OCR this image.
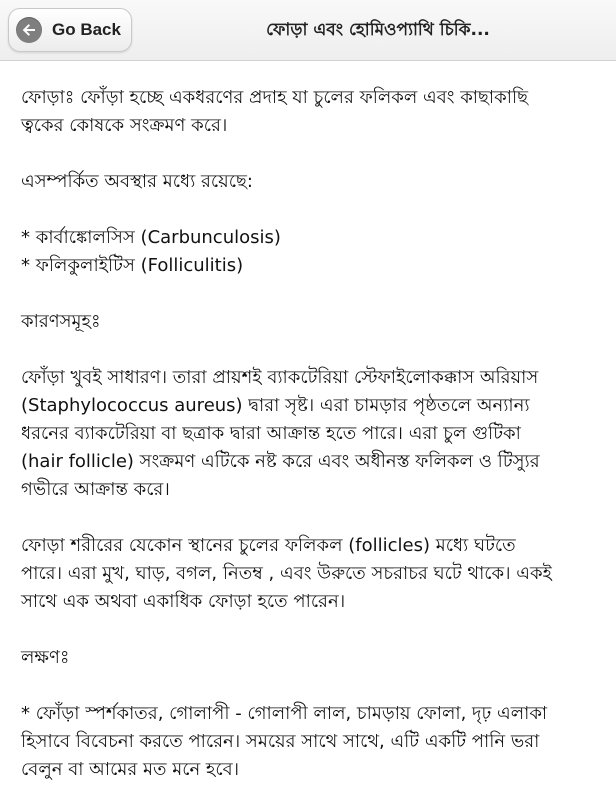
Go Back	ফোড়া এবং হোমিওপ্যাথি চিকি...
ফোড়াঃ ফোঁড়া হচ্ছে একধরণের প্রদাহ যা চুলের ফলিকল এবং কাছাকাছি
ত্বকের কোষকে সংক্রমণ করে।
এসম্পর্কিত অবস্থার মধ্যে রয়েছে:
* কার্বাঙ্কোলসিস (Carbunculosis)
* ফলিকুলাইটিস (Folliculitis)
কারণসমূহঃ
ফোঁড়া খুবই সাধারণ। তারা প্রায়শই ব্যাকটেরিয়া স্টেফাইলোকক্কাস অরিয়াস
(Staphylococcus aureus) দ্বারা সৃষ্ট। এরা চামড়ার পৃষ্ঠতলে অন্যান্য
ধরনের ব্যাকটেরিয়া বা ছত্রাক দ্বারা আক্রান্ত হতে পারে। এরা চুল গুটিকা
(hair follicle) সংক্রমণ এটিকে নষ্ট করে এবং অধীনস্ত ফলিকল ও টিস্যুর
গভীরে আক্রান্ত করে।
ফোড়া শরীরের যেকোন স্থানের চুলের ফলিকল (follicles) মধ্যে ঘটতে
পারে। এরা মুখ, ঘাড়, বগল, নিতম্ব , এবং উরুতে সচরাচর ঘটে থাকে। একই
সাথে এক অথবা একাধিক ফোড়া হতে পারেন।
লক্ষণঃ
* ফোঁড়া স্পর্শকাতর, গোলাপী - গোলাপী লাল, চামড়ায় ফোলা, দৃঢ় এলাকা
হিসাবে বিবেচনা করতে পারেন। সময়ের সাথে সাথে, এটি একটি পানি ভরা
বেলুন বা আমের মত মনে হবে।
